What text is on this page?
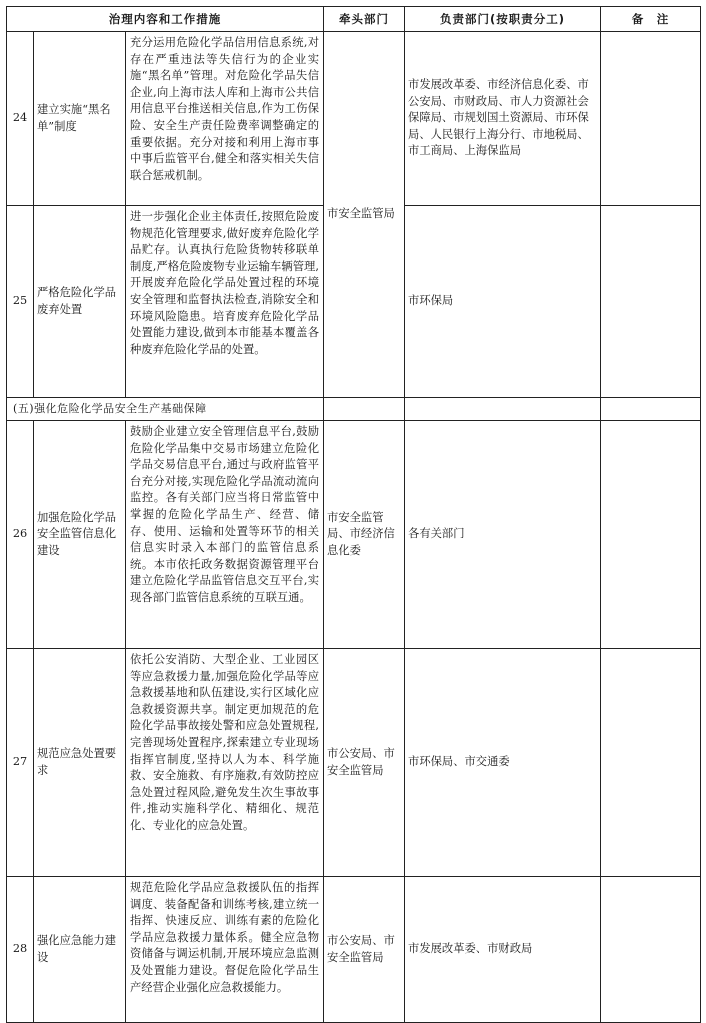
治理内容和工作措施			牵头部门	负责部门(按职责分工)	备　注
24	建立实施“黑名单”制度	充分运用危险化学品信用信息系统,对存在严重违法等失信行为的企业实施“黑名单”管理。对危险化学品失信企业,向上海市法人库和上海市公共信用信息平台推送相关信息,作为工伤保险、安全生产责任险费率调整确定的重要依据。充分对接和利用上海市事中事后监管平台,健全和落实相关失信联合惩戒机制。	市安全监管局	市发展改革委、市经济信息化委、市公安局、市财政局、市人力资源社会保障局、市规划国土资源局、市环保局、人民银行上海分行、市地税局、市工商局、上海保监局	
25	严格危险化学品废弃处置	进一步强化企业主体责任,按照危险废物规范化管理要求,做好废弃危险化学品贮存。认真执行危险货物转移联单制度,严格危险废物专业运输车辆管理,开展废弃危险化学品处置过程的环境安全管理和监督执法检查,消除安全和环境风险隐患。培育废弃危险化学品处置能力建设,做到本市能基本覆盖各种废弃危险化学品的处置。		市环保局	
(五)强化危险化学品安全生产基础保障					
26	加强危险化学品安全监管信息化建设	鼓励企业建立安全管理信息平台,鼓励危险化学品集中交易市场建立危险化学品交易信息平台,通过与政府监管平台充分对接,实现危险化学品流动流向监控。各有关部门应当将日常监管中掌握的危险化学品生产、经营、储存、使用、运输和处置等环节的相关信息实时录入本部门的监管信息系统。本市依托政务数据资源管理平台建立危险化学品监管信息交互平台,实现各部门监管信息系统的互联互通。	市安全监管局、市经济信息化委	各有关部门	
27	规范应急处置要求	依托公安消防、大型企业、工业园区等应急救援力量,加强危险化学品等应急救援基地和队伍建设,实行区域化应急救援资源共享。制定更加规范的危险化学品事故接处警和应急处置规程,完善现场处置程序,探索建立专业现场指挥官制度,坚持以人为本、科学施救、安全施救、有序施救,有效防控应急处置过程风险,避免发生次生事故事件,推动实施科学化、精细化、规范化、专业化的应急处置。	市公安局、市安全监管局	市环保局、市交通委	
28	强化应急能力建设	规范危险化学品应急救援队伍的指挥调度、装备配备和训练考核,建立统一指挥、快速反应、训练有素的危险化学品应急救援力量体系。健全应急物资储备与调运机制,开展环境应急监测及处置能力建设。督促危险化学品生产经营企业强化应急救援能力。	市公安局、市安全监管局	市发展改革委、市财政局	
